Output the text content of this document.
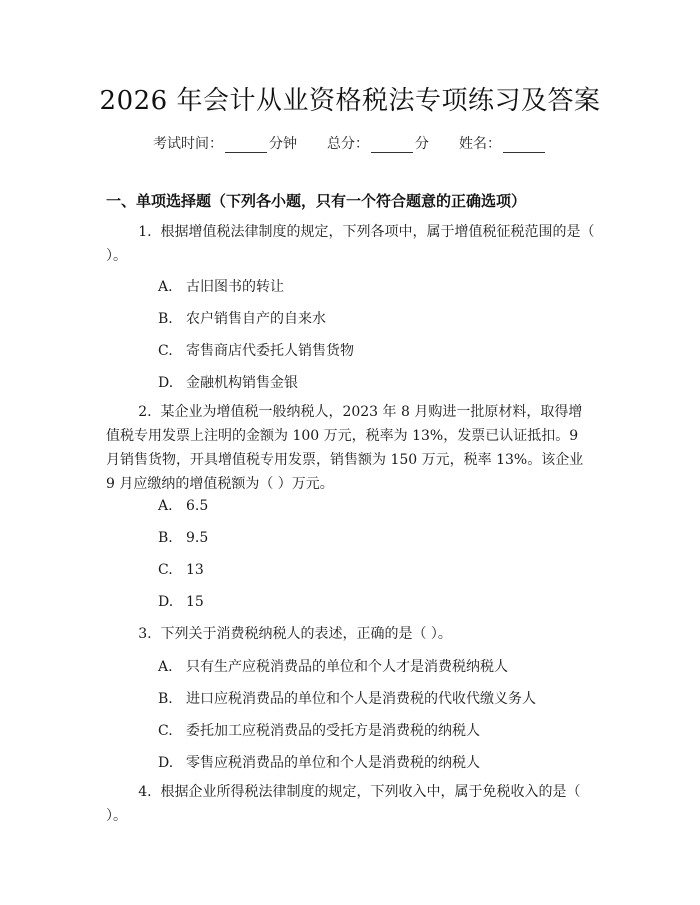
2026 年会计从业资格税法专项练习及答案
考试时间：	分钟 总分：	分 姓名：
一、单项选择题（下列各小题，只有一个符合题意的正确选项）
1. 根据增值税法律制度的规定，下列各项中，属于增值税征税范围的是（ ）。
A. 古旧图书的转让
B. 农户销售自产的自来水
C. 寄售商店代委托人销售货物
D. 金融机构销售金银
2. 某企业为增值税一般纳税人，2023 年 8 月购进一批原材料，取得增值税专用发票上注明的金额为 100 万元，税率为 13%，发票已认证抵扣。9 月销售货物，开具增值税专用发票，销售额为 150 万元，税率 13%。该企业 9 月应缴纳的增值税额为（ ）万元。
A. 6.5
B. 9.5
C. 13
D. 15
3. 下列关于消费税纳税人的表述，正确的是（ ）。
A. 只有生产应税消费品的单位和个人才是消费税纳税人
B. 进口应税消费品的单位和个人是消费税的代收代缴义务人
C. 委托加工应税消费品的受托方是消费税的纳税人
D. 零售应税消费品的单位和个人是消费税的纳税人
4. 根据企业所得税法律制度的规定，下列收入中，属于免税收入的是（ ）。
